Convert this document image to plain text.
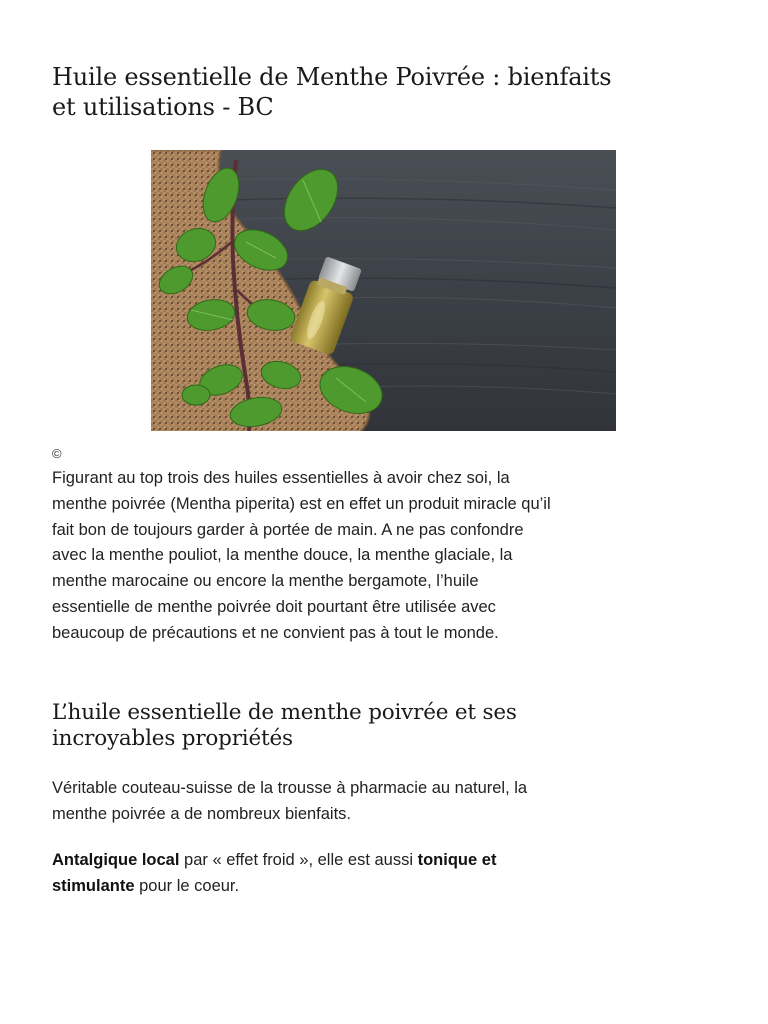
Huile essentielle de Menthe Poivrée : bienfaits et utilisations - BC
©

Figurant au top trois des huiles essentielles à avoir chez soi, la menthe poivrée (Mentha piperita) est en effet un produit miracle qu’il fait bon de toujours garder à portée de main. A ne pas confondre avec la menthe pouliot, la menthe douce, la menthe glaciale, la menthe marocaine ou encore la menthe bergamote, l’huile essentielle de menthe poivrée doit pourtant être utilisée avec beaucoup de précautions et ne convient pas à tout le monde.

L’huile essentielle de menthe poivrée et ses incroyables propriétés

Véritable couteau-suisse de la trousse à pharmacie au naturel, la menthe poivrée a de nombreux bienfaits.

Antalgique local par « effet froid », elle est aussi tonique et stimulante pour le coeur.
